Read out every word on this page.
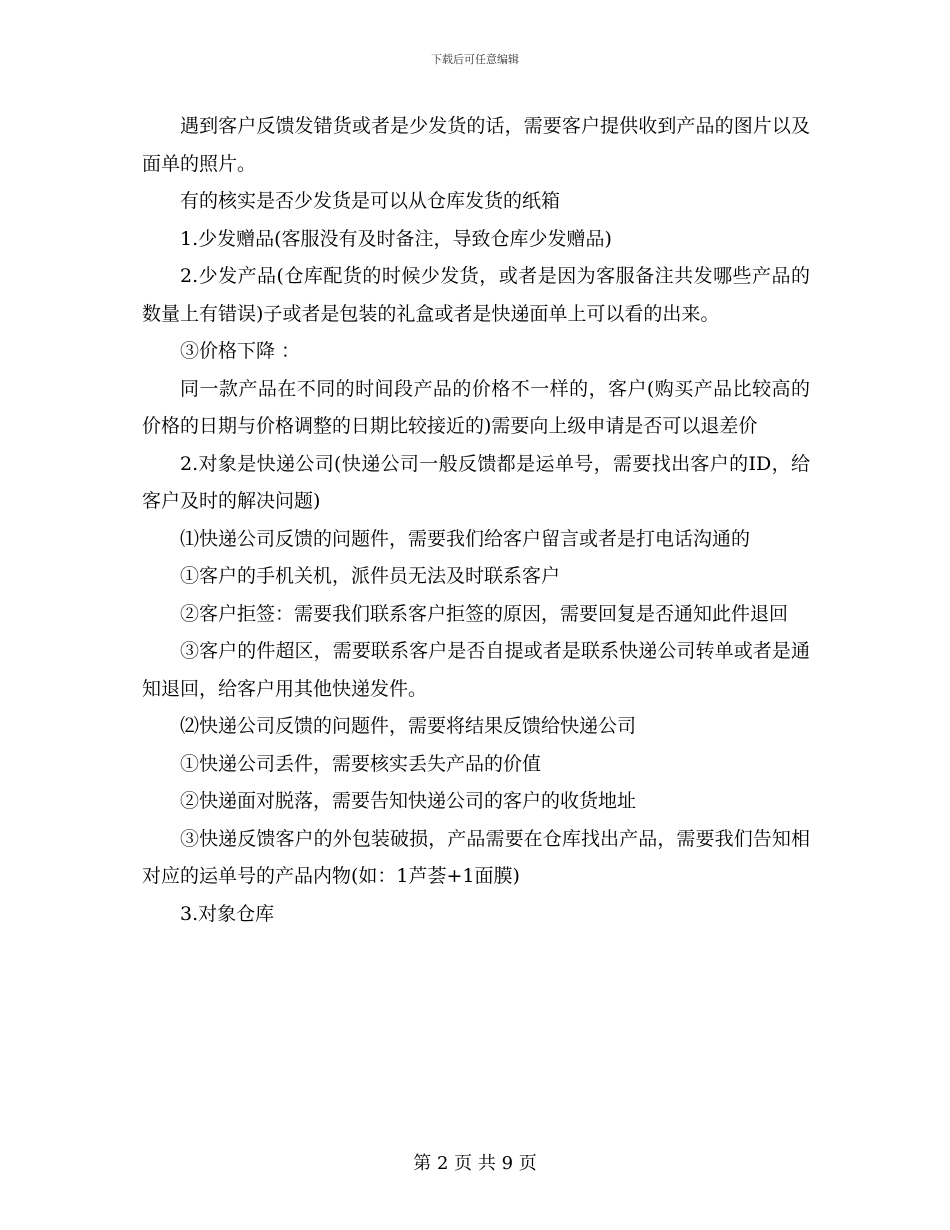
下载后可任意编辑

遇到客户反馈发错货或者是少发货的话，需要客户提供收到产品的图片以及面单的照片。

有的核实是否少发货是可以从仓库发货的纸箱

1.少发赠品(客服没有及时备注，导致仓库少发赠品)

2.少发产品(仓库配货的时候少发货，或者是因为客服备注共发哪些产品的数量上有错误)子或者是包装的礼盒或者是快递面单上可以看的出来。

③价格下降 ：

同一款产品在不同的时间段产品的价格不一样的，客户(购买产品比较高的价格的日期与价格调整的日期比较接近的)需要向上级申请是否可以退差价

2.对象是快递公司(快递公司一般反馈都是运单号，需要找出客户的ID，给客户及时的解决问题)

⑴快递公司反馈的问题件，需要我们给客户留言或者是打电话沟通的

①客户的手机关机，派件员无法及时联系客户

②客户拒签：需要我们联系客户拒签的原因，需要回复是否通知此件退回

③客户的件超区，需要联系客户是否自提或者是联系快递公司转单或者是通知退回，给客户用其他快递发件。

⑵快递公司反馈的问题件，需要将结果反馈给快递公司

①快递公司丢件，需要核实丢失产品的价值

②快递面对脱落，需要告知快递公司的客户的收货地址

③快递反馈客户的外包装破损，产品需要在仓库找出产品，需要我们告知相对应的运单号的产品内物(如：1芦荟+1面膜)

3.对象仓库

第 2 页 共 9 页
